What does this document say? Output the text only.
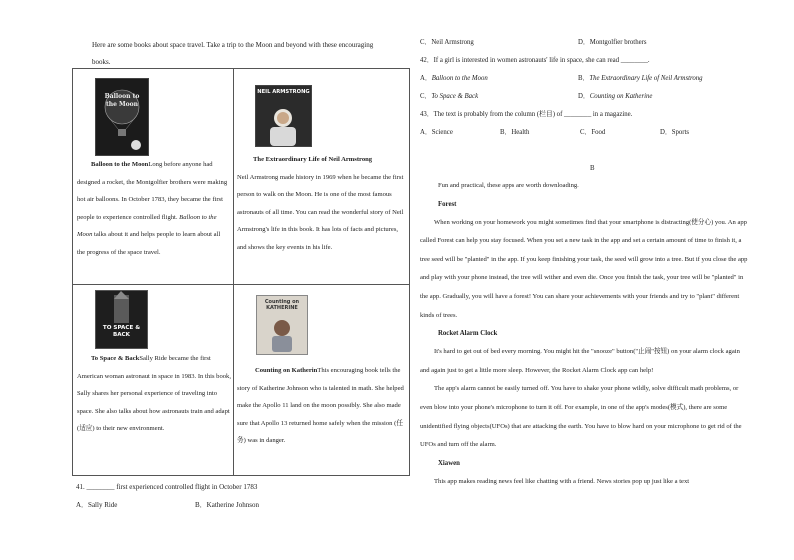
Here are some books about space travel. Take a trip to the Moon and beyond with these encouraging books.
Balloon to the Moon
Balloon to the MoonLong before anyone had designed a rocket, the Montgolfier brothers were making hot air balloons. In October 1783, they became the first people to experience controlled flight. Balloon to the Moon talks about it and helps people to learn about all the progress of the space travel.
NEIL ARMSTRONG
The Extraordinary Life of Neil Armstrong
Neil Armstrong made history in 1969 when he became the first person to walk on the Moon. He is one of the most famous astronauts of all time. You can read the wonderful story of Neil Armstrong's life in this book. It has lots of facts and pictures, and shows the key events in his life.
TO SPACE & BACK
To Space & BackSally Ride became the first American woman astronaut in space in 1983. In this book, Sally shares her personal experience of traveling into space. She also talks about how astronauts train and adapt (适应) to their new environment.
Counting on KATHERINE
Counting on KatherinThis encouraging book tells the story of Katherine Johnson who is talented in math. She helped make the Apollo 11 land on the moon possibly. She also made sure that Apollo 13 returned home safely when the mission (任务) was in danger.
41. ________ first experienced controlled flight in October 1783
A．Sally Ride	B．Katherine Johnson
C．Neil Armstrong	D．Montgolfier brothers
42．If a girl is interested in women astronauts' life in space, she can read ________.
A．Balloon to the Moon	B．The Extraordinary Life of Neil Armstrong
C．To Space & Back	D．Counting on Katherine
43．The text is probably from the column (栏目) of ________ in a magazine.
A．Science	B．Health	C．Food	D．Sports
B

Fun and practical, these apps are worth downloading.

Forest

When working on your homework you might sometimes find that your smartphone is distracting(使分心) you. An app called Forest can help you stay focused. When you set a new task in the app and set a certain amount of time to finish it, a tree seed will be "planted" in the app. If you keep finishing your task, the seed will grow into a tree. But if you close the app and play with your phone instead, the tree will wither and even die. Once you finish the task, your tree will be "planted" in the app. Gradually, you will have a forest! You can share your achievements with your friends and try to "plant" different kinds of trees.

Rocket Alarm Clock

It's hard to get out of bed every morning. You might hit the "snooze" button("止闹"按钮) on your alarm clock again and again just to get a little more sleep. However, the Rocket Alarm Clock app can help!

The app's alarm cannot be easily turned off. You have to shake your phone wildly, solve difficult math problems, or even blow into your phone's microphone to turn it off. For example, in one of the app's modes(模式), there are some unidentified flying objects(UFOs) that are attacking the earth. You have to blow hard on your microphone to get rid of the UFOs and turn off the alarm.

Xiawen

This app makes reading news feel like chatting with a friend. News stories pop up just like a text
